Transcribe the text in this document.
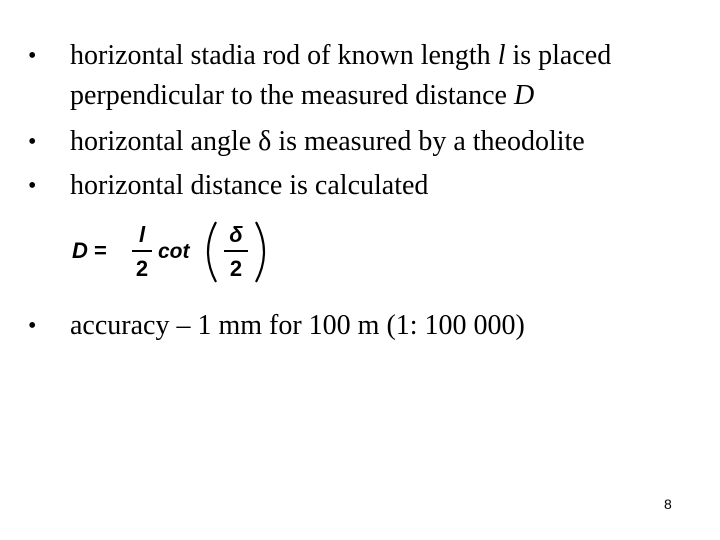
• horizontal stadia rod of known length l is placed
perpendicular to the measured distance D
• horizontal angle δ is measured by a theodolite
• horizontal distance is calculated
• accuracy – 1 mm for 100 m (1: 100 000)
D =
l
2
cot
δ
2
8
